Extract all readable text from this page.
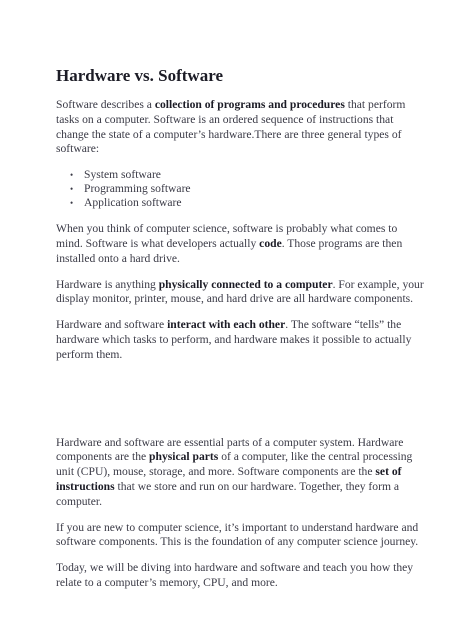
Hardware vs. Software

Software describes a collection of programs and procedures that perform tasks on a computer. Software is an ordered sequence of instructions that change the state of a computer’s hardware.There are three general types of software:

• System software
• Programming software
• Application software

When you think of computer science, software is probably what comes to mind. Software is what developers actually code. Those programs are then installed onto a hard drive.

Hardware is anything physically connected to a computer. For example, your display monitor, printer, mouse, and hard drive are all hardware components.

Hardware and software interact with each other. The software “tells” the hardware which tasks to perform, and hardware makes it possible to actually perform them.

Hardware and software are essential parts of a computer system. Hardware components are the physical parts of a computer, like the central processing unit (CPU), mouse, storage, and more. Software components are the set of instructions that we store and run on our hardware. Together, they form a computer.

If you are new to computer science, it’s important to understand hardware and software components. This is the foundation of any computer science journey.

Today, we will be diving into hardware and software and teach you how they relate to a computer’s memory, CPU, and more.
